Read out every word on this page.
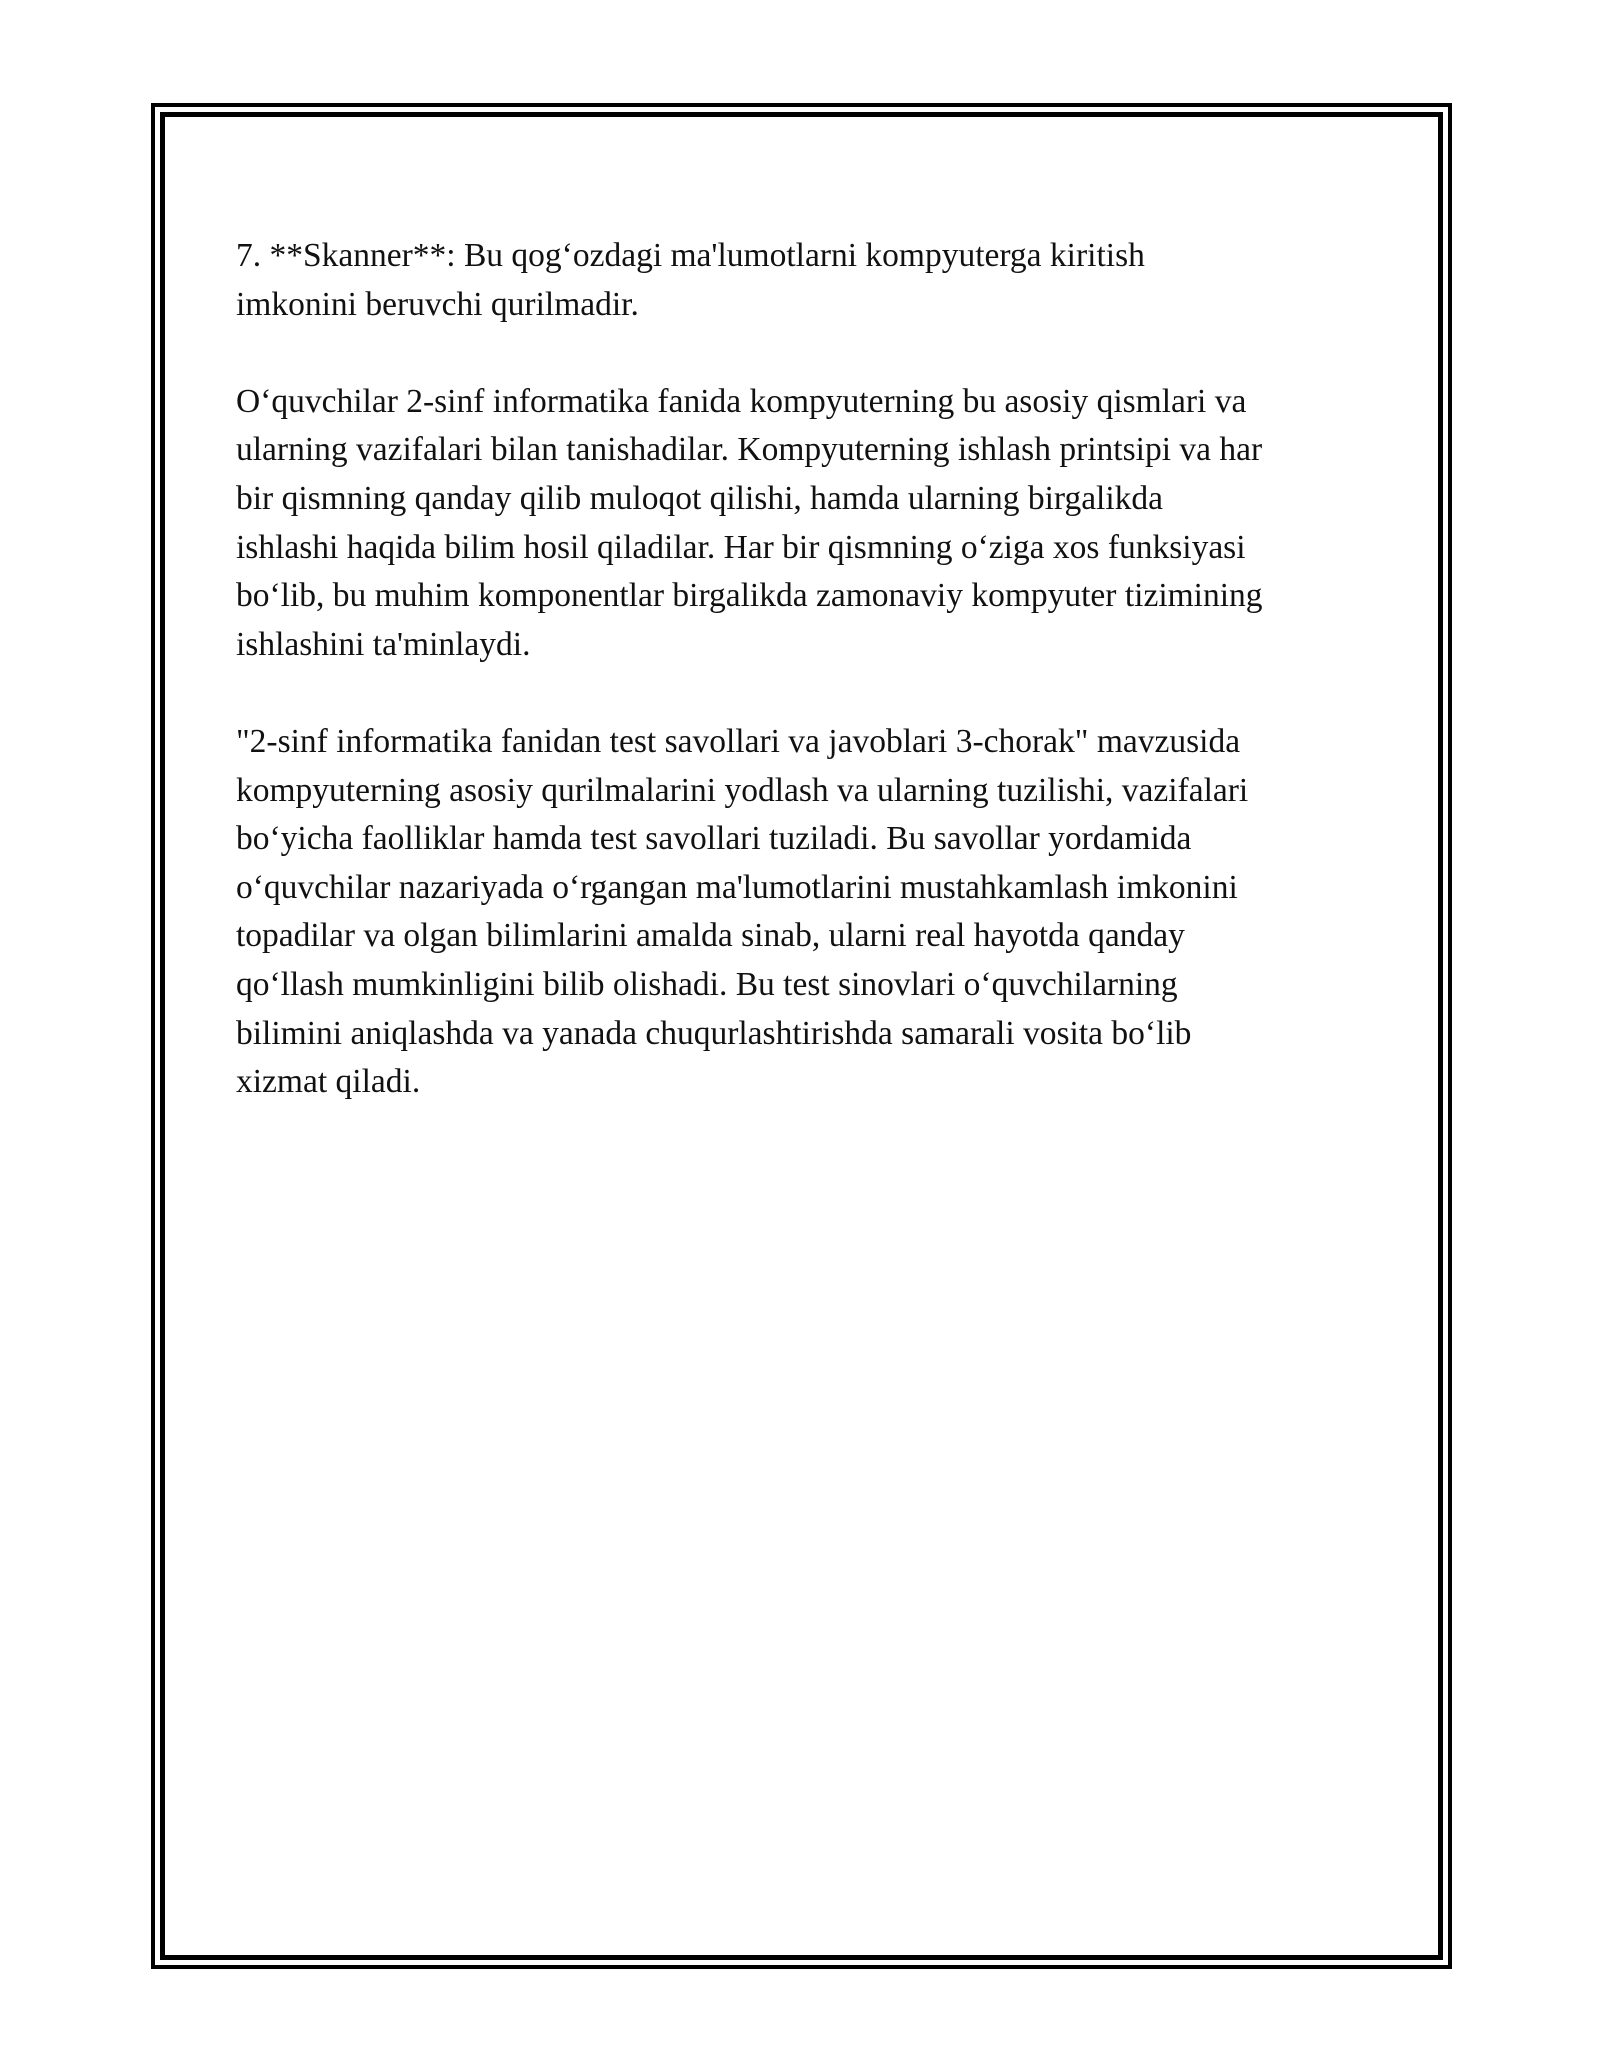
7. **Skanner**: Bu qog‘ozdagi ma'lumotlarni kompyuterga kiritish
imkonini beruvchi qurilmadir.

O‘quvchilar 2-sinf informatika fanida kompyuterning bu asosiy qismlari va
ularning vazifalari bilan tanishadilar. Kompyuterning ishlash printsipi va har
bir qismning qanday qilib muloqot qilishi, hamda ularning birgalikda
ishlashi haqida bilim hosil qiladilar. Har bir qismning o‘ziga xos funksiyasi
bo‘lib, bu muhim komponentlar birgalikda zamonaviy kompyuter tizimining
ishlashini ta'minlaydi.

"2-sinf informatika fanidan test savollari va javoblari 3-chorak" mavzusida
kompyuterning asosiy qurilmalarini yodlash va ularning tuzilishi, vazifalari
bo‘yicha faolliklar hamda test savollari tuziladi. Bu savollar yordamida
o‘quvchilar nazariyada o‘rgangan ma'lumotlarini mustahkamlash imkonini
topadilar va olgan bilimlarini amalda sinab, ularni real hayotda qanday
qo‘llash mumkinligini bilib olishadi. Bu test sinovlari o‘quvchilarning
bilimini aniqlashda va yanada chuqurlashtirishda samarali vosita bo‘lib
xizmat qiladi.
